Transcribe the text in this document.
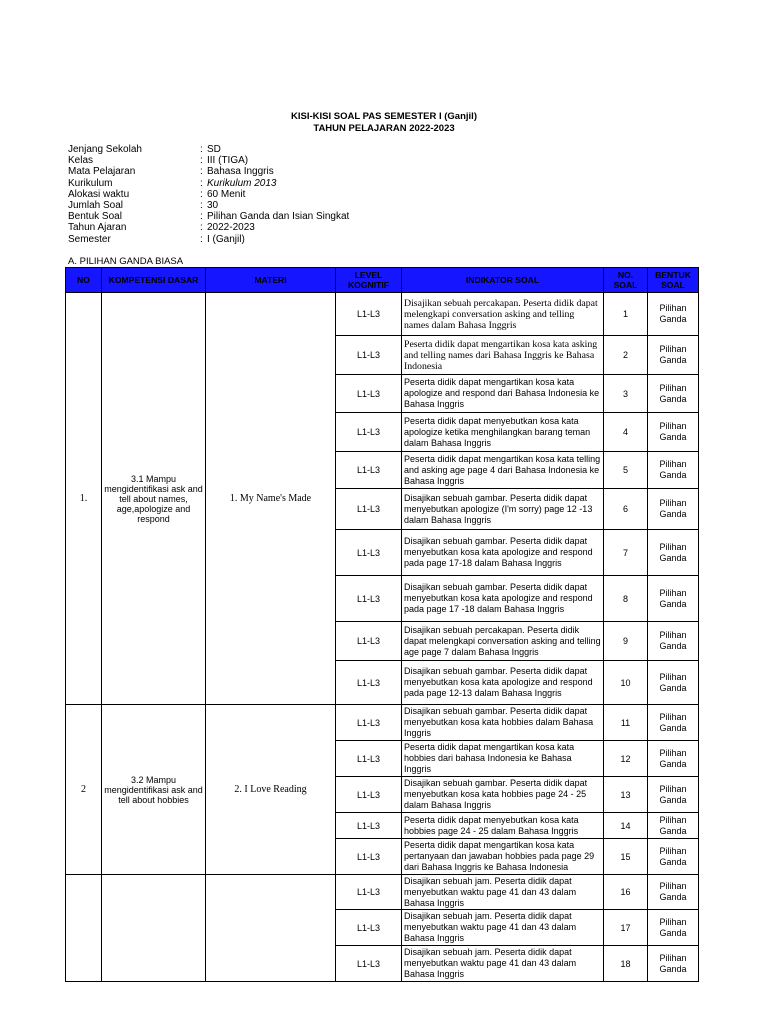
KISI-KISI SOAL PAS SEMESTER I (Ganjil)
TAHUN PELAJARAN 2022-2023
Jenjang Sekolah	: SD
Kelas	: III (TIGA)
Mata Pelajaran	: Bahasa Inggris
Kurikulum	: Kurikulum 2013
Alokasi waktu	: 60 Menit
Jumlah Soal	: 30
Bentuk Soal	: Pilihan Ganda dan Isian Singkat
Tahun Ajaran	: 2022-2023
Semester	: I (Ganjil)
A. PILIHAN GANDA BIASA
NO	KOMPETENSI DASAR	MATERI	LEVEL KOGNITIF	INDIKATOR SOAL	NO. SOAL	BENTUK SOAL
1.	3.1 Mampu mengidentifikasi ask and tell about names, age,apologize and respond	1. My Name's Made	L1-L3	Disajikan sebuah percakapan. Peserta didik dapat melengkapi conversation asking and telling names dalam Bahasa Inggris	1	Pilihan Ganda
			L1-L3	Peserta didik dapat mengartikan kosa kata asking and telling names dari Bahasa Inggris ke Bahasa Indonesia	2	Pilihan Ganda
			L1-L3	Peserta didik dapat mengartikan kosa kata apologize and respond dari Bahasa Indonesia ke Bahasa Inggris	3	Pilihan Ganda
			L1-L3	Peserta didik dapat menyebutkan kosa kata apologize ketika menghilangkan barang teman dalam Bahasa Inggris	4	Pilihan Ganda
			L1-L3	Peserta didik dapat mengartikan kosa kata telling and asking age page 4 dari Bahasa Indonesia ke Bahasa Inggris	5	Pilihan Ganda
			L1-L3	Disajikan sebuah gambar. Peserta didik dapat menyebutkan apologize (I'm sorry) page 12 -13 dalam Bahasa Inggris	6	Pilihan Ganda
			L1-L3	Disajikan sebuah gambar. Peserta didik dapat menyebutkan kosa kata apologize and respond pada page 17-18 dalam Bahasa Inggris	7	Pilihan Ganda
			L1-L3	Disajikan sebuah gambar. Peserta didik dapat menyebutkan kosa kata apologize and respond pada page 17 -18 dalam Bahasa Inggris	8	Pilihan Ganda
			L1-L3	Disajikan sebuah percakapan. Peserta didik dapat melengkapi conversation asking and telling age page 7 dalam Bahasa Inggris	9	Pilihan Ganda
			L1-L3	Disajikan sebuah gambar. Peserta didik dapat menyebutkan kosa kata apologize and respond pada page 12-13 dalam Bahasa Inggris	10	Pilihan Ganda
2	3.2 Mampu mengidentifikasi ask and tell about hobbies	2. I Love Reading	L1-L3	Disajikan sebuah gambar. Peserta didik dapat menyebutkan kosa kata hobbies dalam Bahasa Inggris	11	Pilihan Ganda
			L1-L3	Peserta didik dapat mengartikan kosa kata hobbies dari bahasa Indonesia ke Bahasa Inggris	12	Pilihan Ganda
			L1-L3	Disajikan sebuah gambar. Peserta didik dapat menyebutkan kosa kata hobbies page 24 - 25 dalam Bahasa Inggris	13	Pilihan Ganda
			L1-L3	Peserta didik dapat menyebutkan kosa kata hobbies page 24 - 25 dalam Bahasa Inggris	14	Pilihan Ganda
			L1-L3	Peserta didik dapat mengartikan kosa kata pertanyaan dan jawaban hobbies pada page 29 dari Bahasa Inggris ke Bahasa Indonesia	15	Pilihan Ganda
			L1-L3	Disajikan sebuah jam. Peserta didik dapat menyebutkan waktu page 41 dan 43 dalam Bahasa Inggris	16	Pilihan Ganda
			L1-L3	Disajikan sebuah jam. Peserta didik dapat menyebutkan waktu page 41 dan 43 dalam Bahasa Inggris	17	Pilihan Ganda
			L1-L3	Disajikan sebuah jam. Peserta didik dapat menyebutkan waktu page 41 dan 43 dalam Bahasa Inggris	18	Pilihan Ganda
